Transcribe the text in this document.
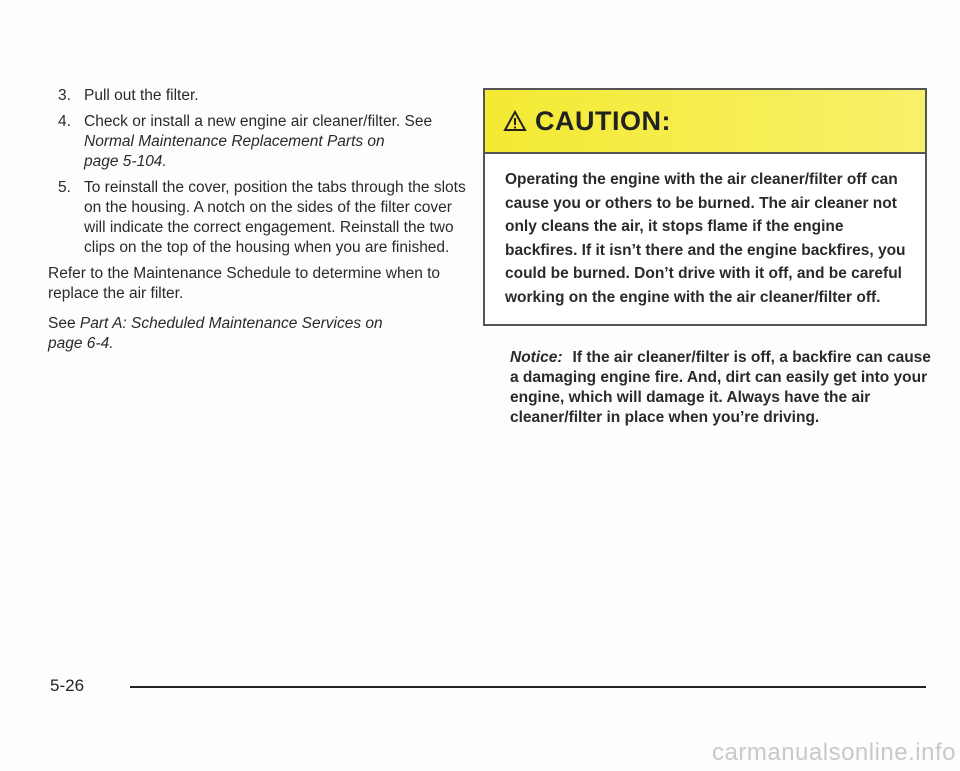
3. Pull out the filter.
4. Check or install a new engine air cleaner/filter. See
Normal Maintenance Replacement Parts on
page 5-104.
5. To reinstall the cover, position the tabs through the slots on the housing. A notch on the sides of the filter cover will indicate the correct engagement. Reinstall the two clips on the top of the housing when you are finished.

Refer to the Maintenance Schedule to determine when to replace the air filter.

See Part A: Scheduled Maintenance Services on
page 6-4.

CAUTION:
Operating the engine with the air cleaner/filter off can cause you or others to be burned. The air cleaner not only cleans the air, it stops flame if the engine backfires. If it isn’t there and the engine backfires, you could be burned. Don’t drive with it off, and be careful working on the engine with the air cleaner/filter off.
Notice: If the air cleaner/filter is off, a backfire can cause a damaging engine fire. And, dirt can easily get into your engine, which will damage it. Always have the air cleaner/filter in place when you’re driving.
5-26
carmanualsonline.info
